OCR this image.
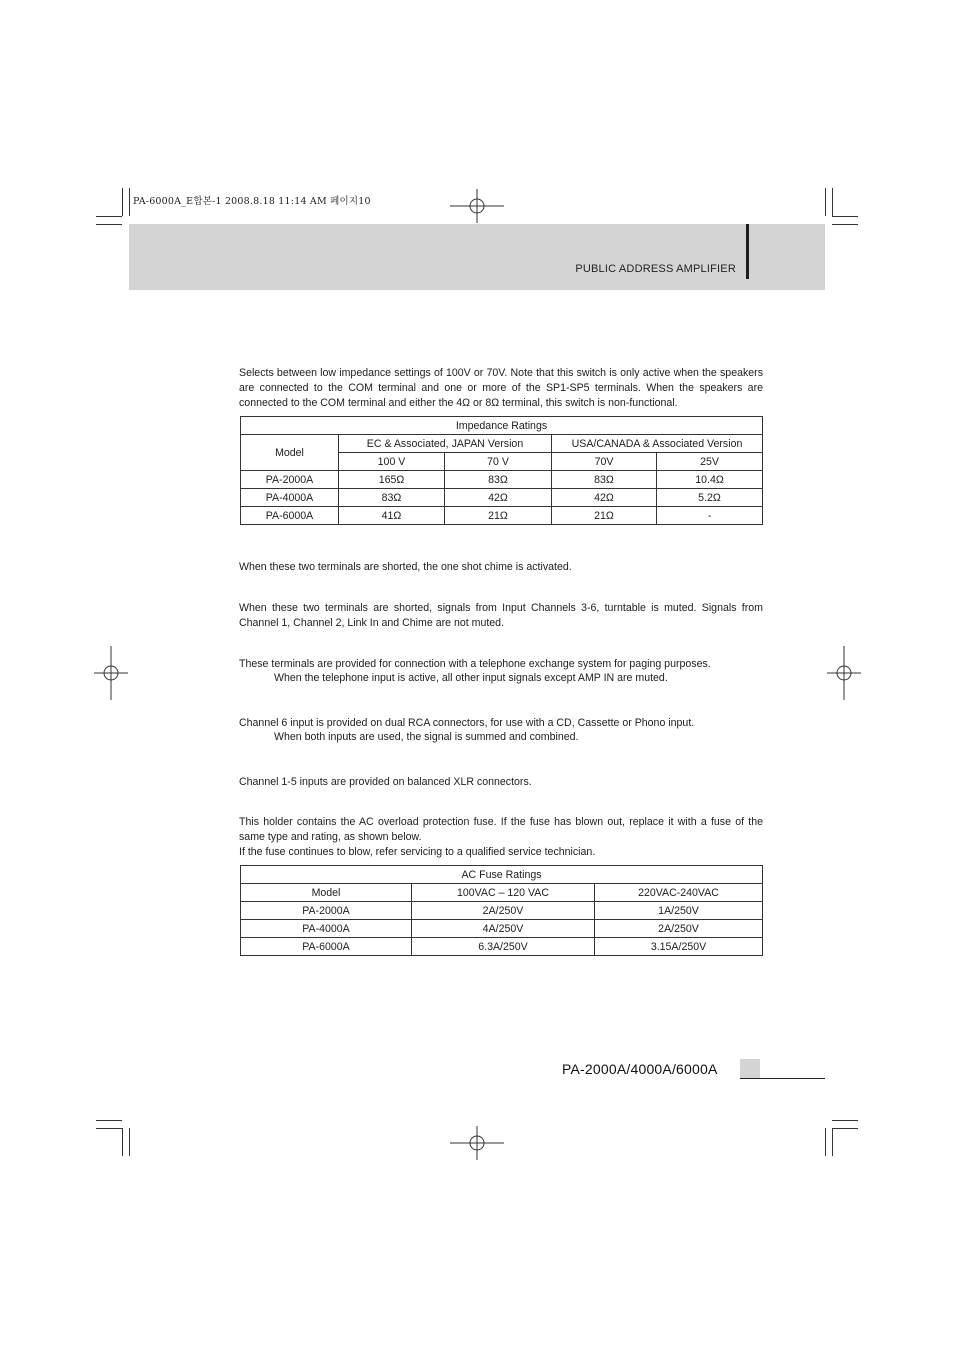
PA-6000A_E합본-1 2008.8.18 11:14 AM 페이지10
PUBLIC ADDRESS AMPLIFIER
Selects between low impedance settings of 100V or 70V. Note that this switch is only active when the speakers are connected to the COM terminal and one or more of the SP1-SP5 terminals. When the speakers are connected to the COM terminal and either the 4Ω or 8Ω terminal, this switch is non-functional.
Impedance Ratings				
Model	EC & Associated, JAPAN Version		USA/CANADA & Associated Version	
	100 V	70 V	70V	25V
PA-2000A	165Ω	83Ω	83Ω	10.4Ω
PA-4000A	83Ω	42Ω	42Ω	5.2Ω
PA-6000A	41Ω	21Ω	21Ω	-
When these two terminals are shorted, the one shot chime is activated.
When these two terminals are shorted, signals from Input Channels 3-6, turntable is muted. Signals from Channel 1, Channel 2, Link In and Chime are not muted.
These terminals are provided for connection with a telephone exchange system for paging purposes.
When the telephone input is active, all other input signals except AMP IN are muted.
Channel 6 input is provided on dual RCA connectors, for use with a CD, Cassette or Phono input.
When both inputs are used, the signal is summed and combined.
Channel 1-5 inputs are provided on balanced XLR connectors.
This holder contains the AC overload protection fuse. If the fuse has blown out, replace it with a fuse of the same type and rating, as shown below.
If the fuse continues to blow, refer servicing to a qualified service technician.
AC Fuse Ratings		
Model	100VAC – 120 VAC	220VAC-240VAC
PA-2000A	2A/250V	1A/250V
PA-4000A	4A/250V	2A/250V
PA-6000A	6.3A/250V	3.15A/250V
PA-2000A/4000A/6000A
